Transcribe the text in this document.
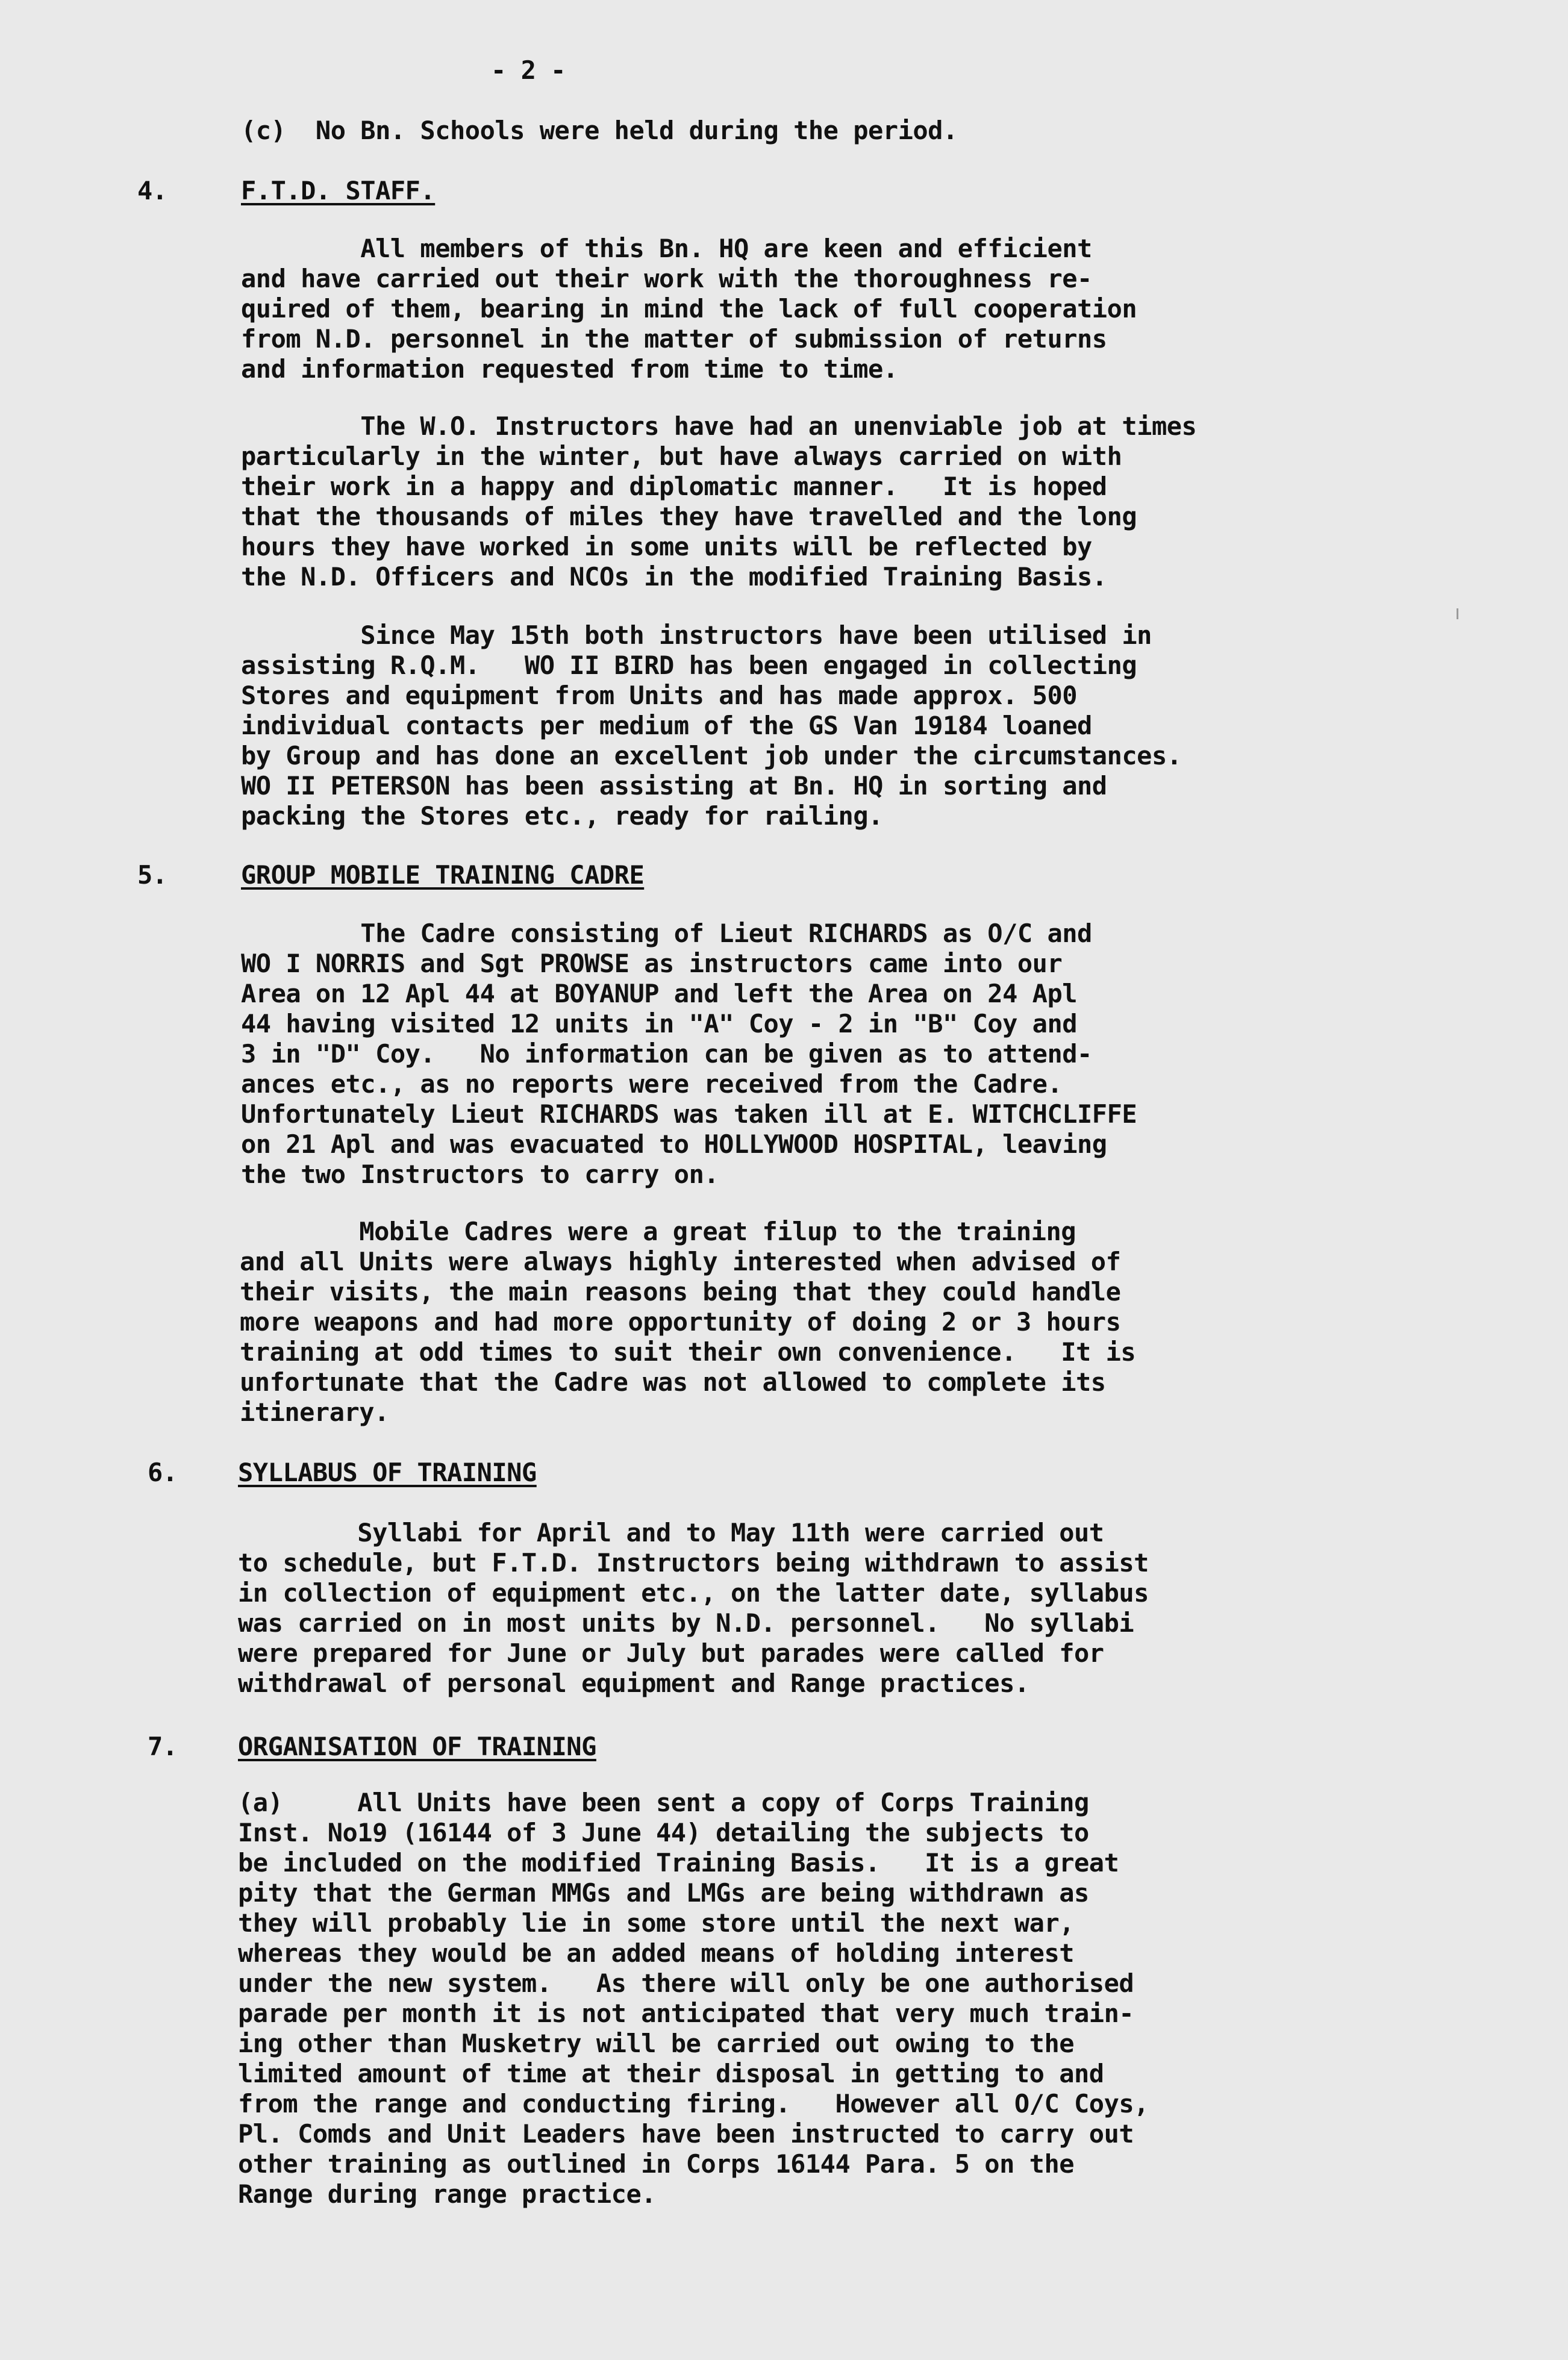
- 2 -
(c)  No Bn. Schools were held during the period.
4.	F.T.D. STAFF.
All members of this Bn. HQ are keen and efficient
and have carried out their work with the thoroughness re-
quired of them, bearing in mind the lack of full cooperation
from N.D. personnel in the matter of submission of returns
and information requested from time to time.
The W.O. Instructors have had an unenviable job at times
particularly in the winter, but have always carried on with
their work in a happy and diplomatic manner.   It is hoped
that the thousands of miles they have travelled and the long
hours they have worked in some units will be reflected by
the N.D. Officers and NCOs in the modified Training Basis.
Since May 15th both instructors have been utilised in
assisting R.Q.M.   WO II BIRD has been engaged in collecting
Stores and equipment from Units and has made approx. 500
individual contacts per medium of the GS Van 19184 loaned
by Group and has done an excellent job under the circumstances.
WO II PETERSON has been assisting at Bn. HQ in sorting and
packing the Stores etc., ready for railing.
5.	GROUP MOBILE TRAINING CADRE
The Cadre consisting of Lieut RICHARDS as O/C and
WO I NORRIS and Sgt PROWSE as instructors came into our
Area on 12 Apl 44 at BOYANUP and left the Area on 24 Apl
44 having visited 12 units in "A" Coy - 2 in "B" Coy and
3 in "D" Coy.   No information can be given as to attend-
ances etc., as no reports were received from the Cadre.
Unfortunately Lieut RICHARDS was taken ill at E. WITCHCLIFFE
on 21 Apl and was evacuated to HOLLYWOOD HOSPITAL, leaving
the two Instructors to carry on.
Mobile Cadres were a great filup to the training
and all Units were always highly interested when advised of
their visits, the main reasons being that they could handle
more weapons and had more opportunity of doing 2 or 3 hours
training at odd times to suit their own convenience.   It is
unfortunate that the Cadre was not allowed to complete its
itinerary.
6. SYLLABUS OF TRAINING
Syllabi for April and to May 11th were carried out
to schedule, but F.T.D. Instructors being withdrawn to assist
in collection of equipment etc., on the latter date, syllabus
was carried on in most units by N.D. personnel.   No syllabi
were prepared for June or July but parades were called for
withdrawal of personal equipment and Range practices.
7. ORGANISATION OF TRAINING
(a)     All Units have been sent a copy of Corps Training
Inst. No19 (16144 of 3 June 44) detailing the subjects to
be included on the modified Training Basis.   It is a great
pity that the German MMGs and LMGs are being withdrawn as
they will probably lie in some store until the next war,
whereas they would be an added means of holding interest
under the new system.   As there will only be one authorised
parade per month it is not anticipated that very much train-
ing other than Musketry will be carried out owing to the
limited amount of time at their disposal in getting to and
from the range and conducting firing.   However all O/C Coys,
Pl. Comds and Unit Leaders have been instructed to carry out
other training as outlined in Corps 16144 Para. 5 on the
Range during range practice.
